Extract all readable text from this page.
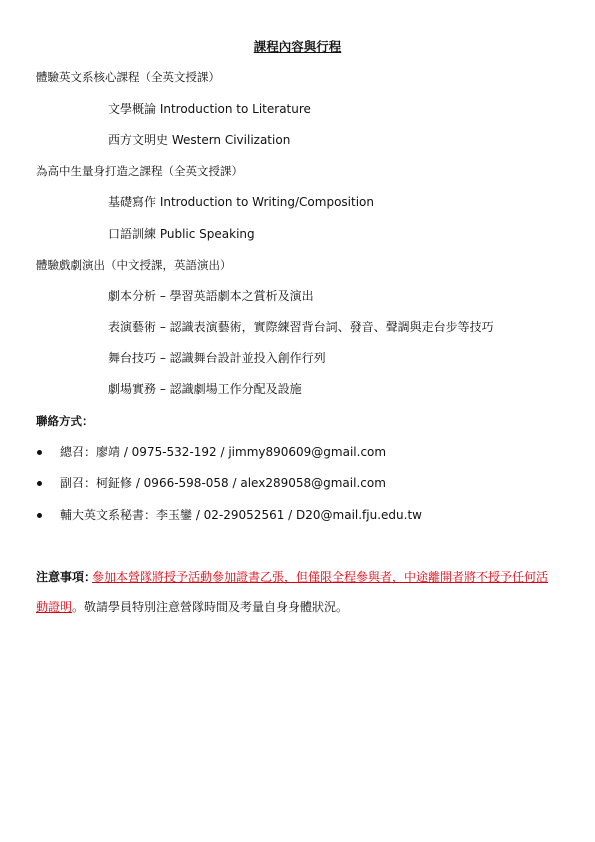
課程內容與行程
體驗英文系核心課程（全英文授課）
文學概論 Introduction to Literature
西方文明史 Western Civilization
為高中生量身打造之課程（全英文授課）
基礎寫作 Introduction to Writing/Composition
口語訓練 Public Speaking
體驗戲劇演出（中文授課，英語演出）
劇本分析 – 學習英語劇本之賞析及演出
表演藝術 – 認識表演藝術，實際練習背台詞、發音、聲調與走台步等技巧
舞台技巧 – 認識舞台設計並投入創作行列
劇場實務 – 認識劇場工作分配及設施
聯絡方式：
總召：廖靖 / 0975-532-192 / jimmy890609@gmail.com
副召：柯鉦修 / 0966-598-058 / alex289058@gmail.com
輔大英文系秘書：李玉鑾 / 02-29052561 / D20@mail.fju.edu.tw
注意事項：
參加本營隊將授予活動參加證書乙張，但僅限全程參與者，中途離開者將不授予任何活
動證明。敬請學員特別注意營隊時間及考量自身身體狀況。
